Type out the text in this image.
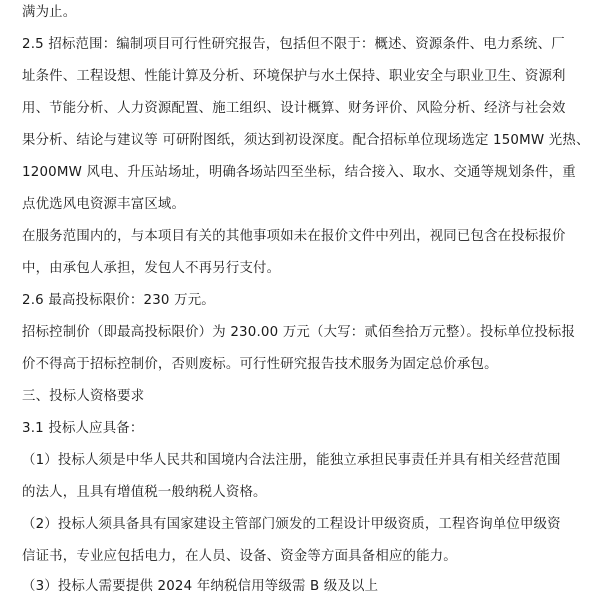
满为止。
2.5 招标范围：编制项目可行性研究报告，包括但不限于：概述、资源条件、电力系统、厂
址条件、工程设想、性能计算及分析、环境保护与水土保持、职业安全与职业卫生、资源利
用、节能分析、人力资源配置、施工组织、设计概算、财务评价、风险分析、经济与社会效
果分析、结论与建议等 可研附图纸，须达到初设深度。配合招标单位现场选定 150MW 光热、
1200MW 风电、升压站场址，明确各场站四至坐标，结合接入、取水、交通等规划条件，重
点优选风电资源丰富区域。
在服务范围内的，与本项目有关的其他事项如未在报价文件中列出，视同已包含在投标报价
中，由承包人承担，发包人不再另行支付。
2.6 最高投标限价：230 万元。
招标控制价（即最高投标限价）为 230.00 万元（大写：贰佰叁拾万元整）。投标单位投标报
价不得高于招标控制价，否则废标。可行性研究报告技术服务为固定总价承包。
三、投标人资格要求
3.1 投标人应具备：
（1）投标人须是中华人民共和国境内合法注册，能独立承担民事责任并具有相关经营范围
的法人，且具有增值税一般纳税人资格。
（2）投标人须具备具有国家建设主管部门颁发的工程设计甲级资质，工程咨询单位甲级资
信证书，专业应包括电力，在人员、设备、资金等方面具备相应的能力。
（3）投标人需要提供 2024 年纳税信用等级需 B 级及以上
